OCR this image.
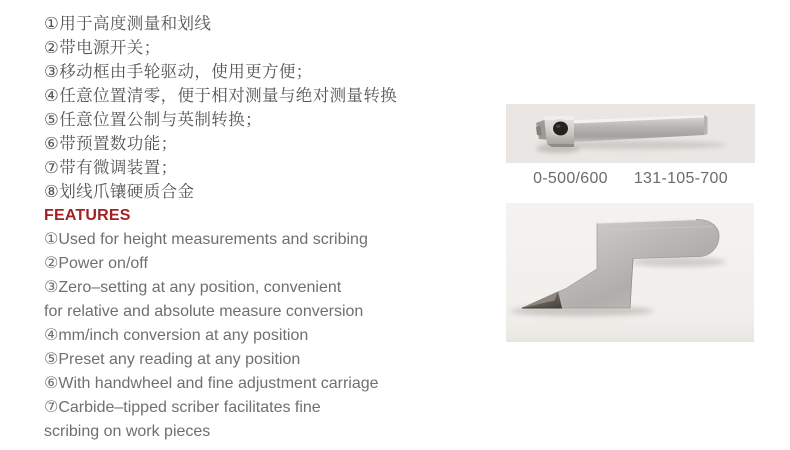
①用于高度测量和划线
②带电源开关；
③移动框由手轮驱动，使用更方便；
④任意位置清零，便于相对测量与绝对测量转换
⑤任意位置公制与英制转换；
⑥带预置数功能；
⑦带有微调装置；
⑧划线爪镶硬质合金
FEATURES
①Used for height measurements and scribing
②Power on/off
③Zero–setting at any position, convenient
for relative and absolute measure conversion
④mm/inch conversion at any position
⑤Preset any reading at any position
⑥With handwheel and fine adjustment carriage
⑦Carbide–tipped scriber facilitates fine
scribing on work pieces
0-500/600 131-105-700
